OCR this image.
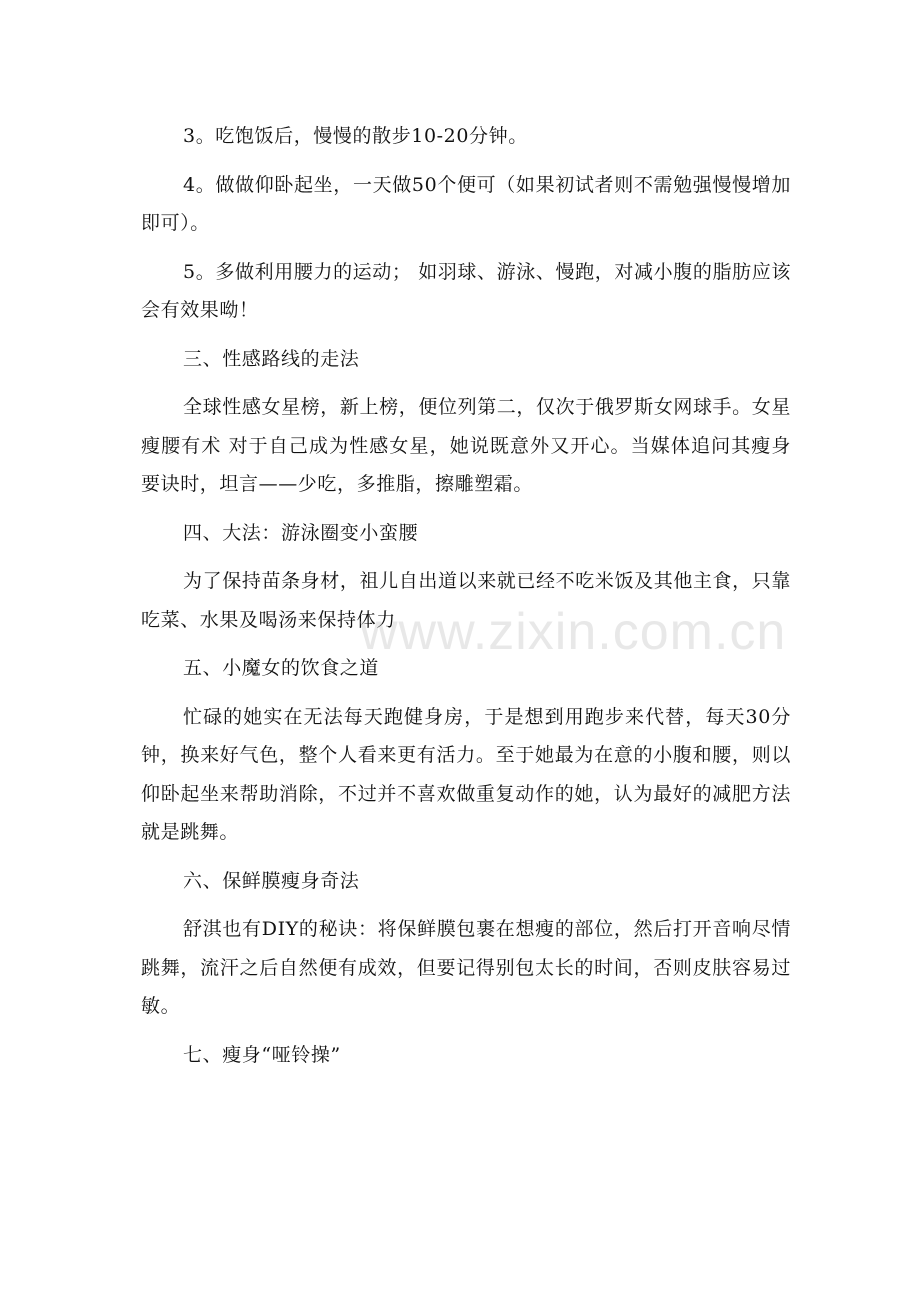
3。吃饱饭后，慢慢的散步10-20分钟。

4。做做仰卧起坐，一天做50个便可（如果初试者则不需勉强慢慢增加即可）。

5。多做利用腰力的运动； 如羽球、游泳、慢跑，对减小腹的脂肪应该会有效果呦！

三、性感路线的走法

全球性感女星榜，新上榜，便位列第二，仅次于俄罗斯女网球手。女星瘦腰有术 对于自己成为性感女星，她说既意外又开心。当媒体追问其瘦身要诀时，坦言——少吃，多推脂，擦雕塑霜。

四、大法：游泳圈变小蛮腰

为了保持苗条身材，祖儿自出道以来就已经不吃米饭及其他主食，只靠吃菜、水果及喝汤来保持体力

五、小魔女的饮食之道

忙碌的她实在无法每天跑健身房，于是想到用跑步来代替，每天30分钟，换来好气色，整个人看来更有活力。至于她最为在意的小腹和腰，则以仰卧起坐来帮助消除，不过并不喜欢做重复动作的她，认为最好的减肥方法就是跳舞。

六、保鲜膜瘦身奇法

舒淇也有DIY的秘诀：将保鲜膜包裹在想瘦的部位，然后打开音响尽情跳舞，流汗之后自然便有成效，但要记得别包太长的时间，否则皮肤容易过敏。

七、瘦身“哑铃操”

www.zixin.com.cn
